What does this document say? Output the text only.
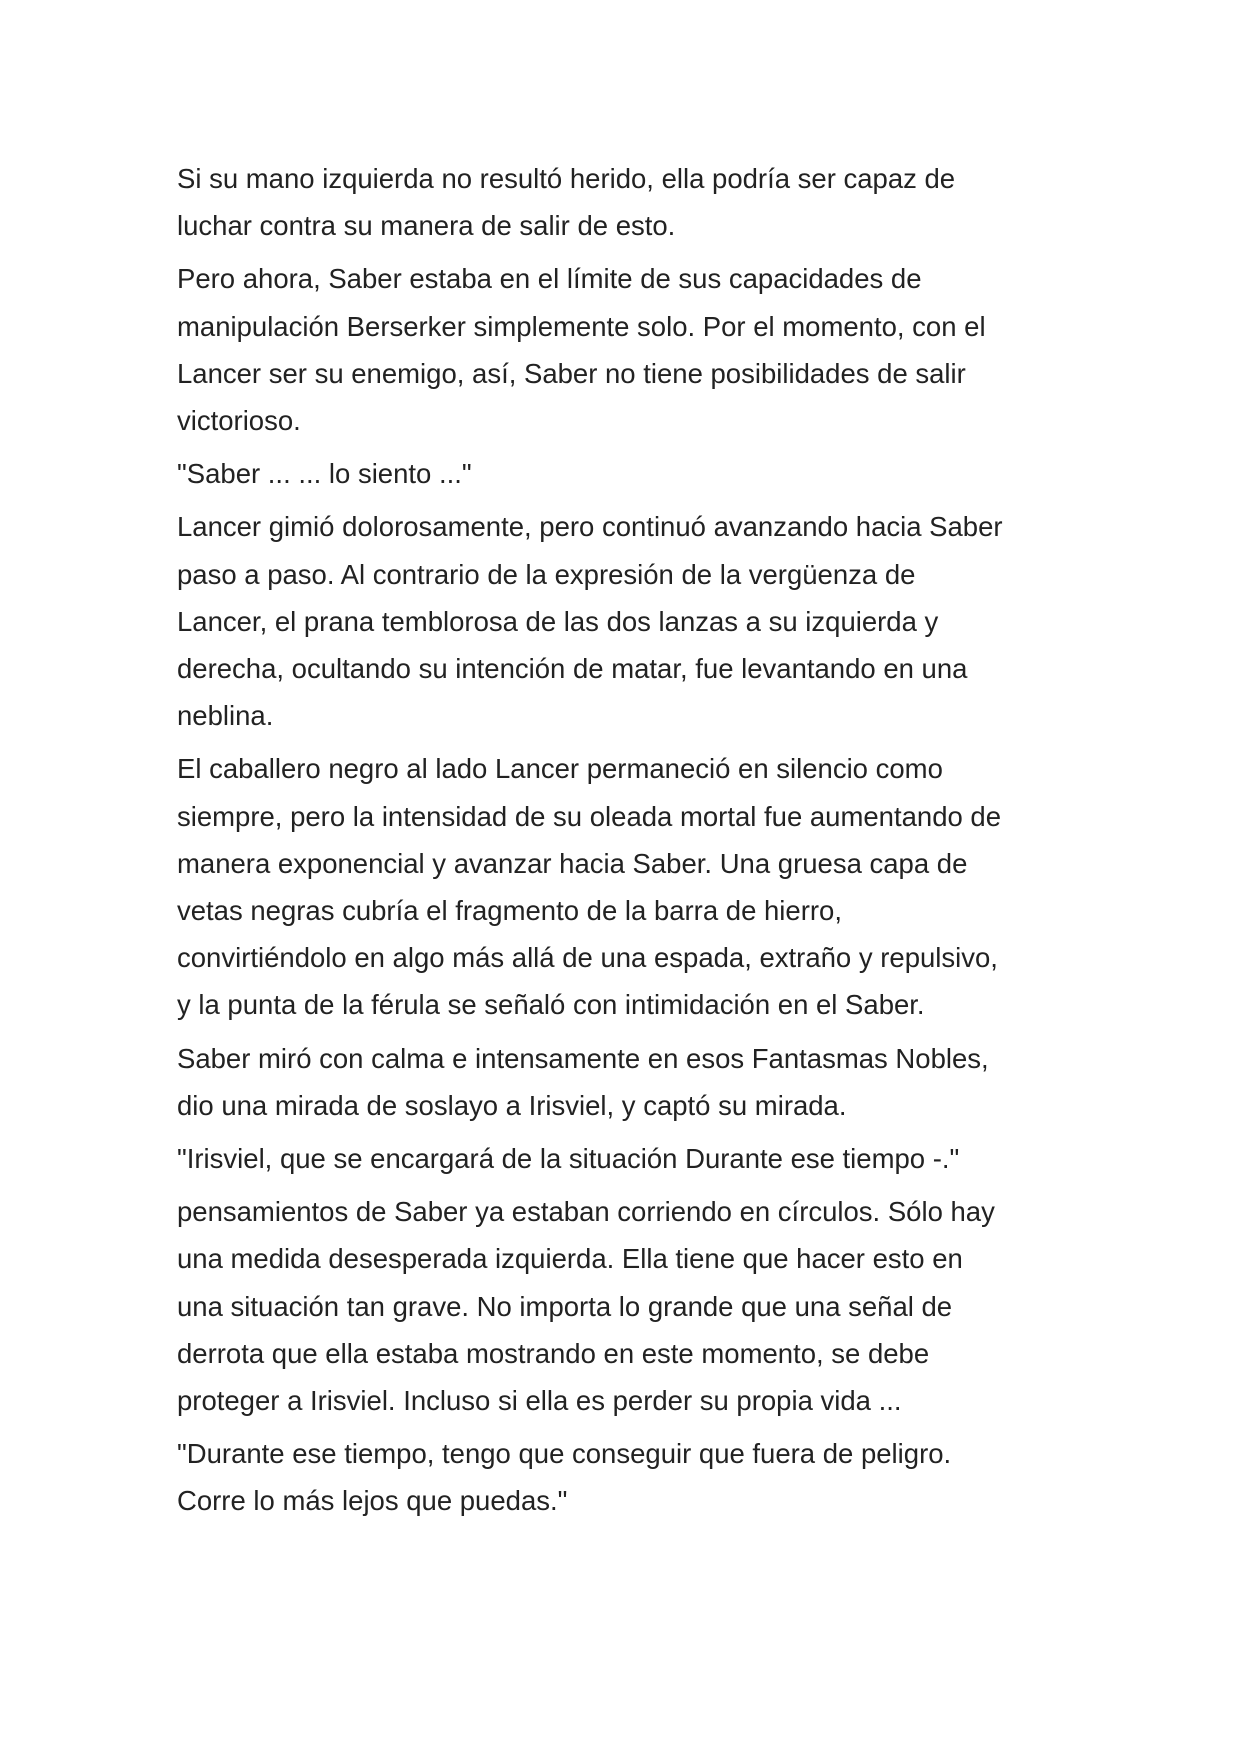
Si su mano izquierda no resultó herido, ella podría ser capaz de
luchar contra su manera de salir de esto.

Pero ahora, Saber estaba en el límite de sus capacidades de
manipulación Berserker simplemente solo. Por el momento, con el
Lancer ser su enemigo, así, Saber no tiene posibilidades de salir
victorioso.

"Saber ... ... lo siento ..."

Lancer gimió dolorosamente, pero continuó avanzando hacia Saber
paso a paso. Al contrario de la expresión de la vergüenza de
Lancer, el prana temblorosa de las dos lanzas a su izquierda y
derecha, ocultando su intención de matar, fue levantando en una
neblina.

El caballero negro al lado Lancer permaneció en silencio como
siempre, pero la intensidad de su oleada mortal fue aumentando de
manera exponencial y avanzar hacia Saber. Una gruesa capa de
vetas negras cubría el fragmento de la barra de hierro,
convirtiéndolo en algo más allá de una espada, extraño y repulsivo,
y la punta de la férula se señaló con intimidación en el Saber.

Saber miró con calma e intensamente en esos Fantasmas Nobles,
dio una mirada de soslayo a Irisviel, y captó su mirada.

"Irisviel, que se encargará de la situación Durante ese tiempo -."

pensamientos de Saber ya estaban corriendo en círculos. Sólo hay
una medida desesperada izquierda. Ella tiene que hacer esto en
una situación tan grave. No importa lo grande que una señal de
derrota que ella estaba mostrando en este momento, se debe
proteger a Irisviel. Incluso si ella es perder su propia vida ...

"Durante ese tiempo, tengo que conseguir que fuera de peligro.
Corre lo más lejos que puedas."
